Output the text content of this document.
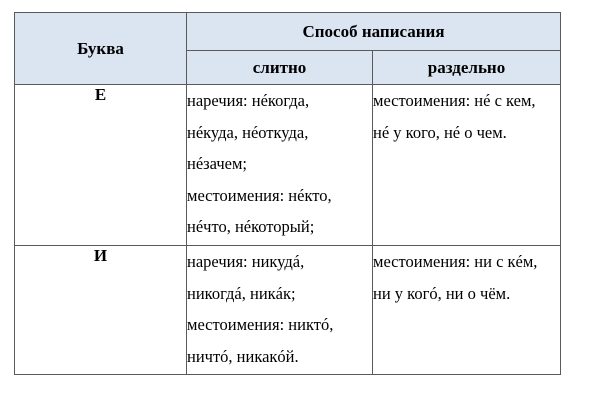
Буква	Способ написания	
	слитно	раздельно
Е	наречия: нéкогда,
нéкуда, нéоткуда,
нéзачем;
местоимения: нéкто,
нéчто, нéкоторый;	местоимения: нé с кем,
нé у кого, нé о чем.

И	наречия: никудá,
никогдá, никáк;
местоимения: никтó,
ничтó, никакóй.	местоимения: ни с кéм,
ни у когó, ни о чём.
